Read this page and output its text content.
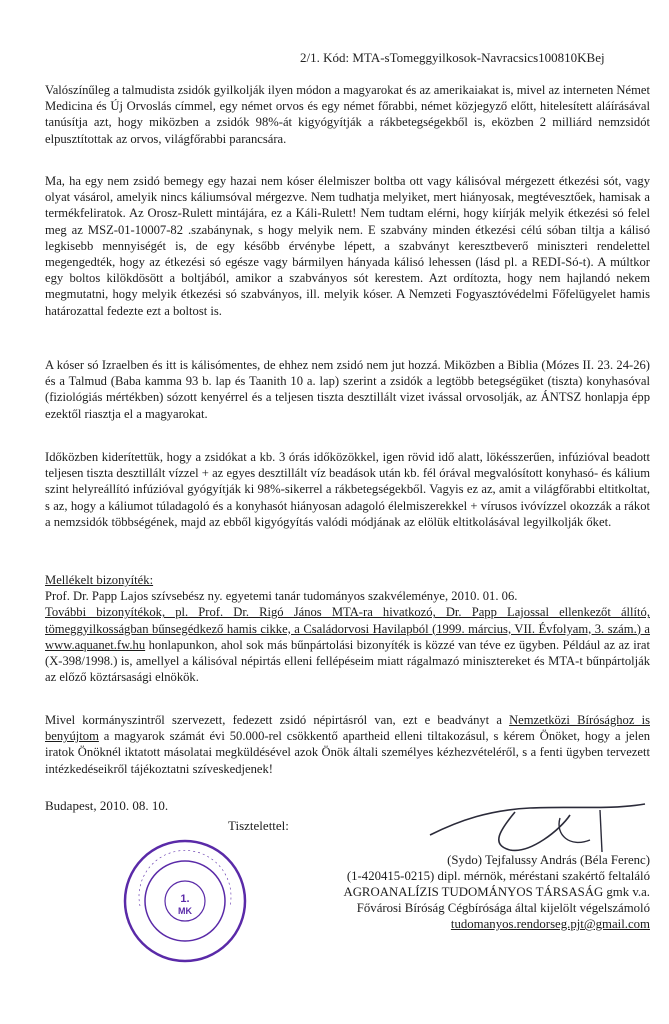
2/1. Kód: MTA-sTomeggyilkosok-Navracsics100810KBej

Valószínűleg a talmudista zsidók gyilkolják ilyen módon a magyarokat és az amerikaiakat is, mivel az interneten Német Medicina és Új Orvoslás címmel, egy német orvos és egy német főrabbi, német közjegyző előtt, hitelesített aláírásával tanúsítja azt, hogy miközben a zsidók 98%-át kigyógyítják a rákbetegségekből is, eközben 2 milliárd nemzsidót elpusztítottak az orvos, világfőrabbi parancsára.

Ma, ha egy nem zsidó bemegy egy hazai nem kóser élelmiszer boltba ott vagy kálisóval mérgezett étkezési sót, vagy olyat vásárol, amelyik nincs káliumsóval mérgezve. Nem tudhatja melyiket, mert hiányosak, megtévesztőek, hamisak a termékfeliratok. Az Orosz-Rulett mintájára, ez a Káli-Rulett! Nem tudtam elérni, hogy kiírják melyik étkezési só felel meg az MSZ-01-10007-82 .szabánynak, s hogy melyik nem. E szabvány minden étkezési célú sóban tiltja a kálisó legkisebb mennyiségét is, de egy később érvénybe lépett, a szabványt keresztbeverő miniszteri rendelettel megengedték, hogy az étkezési só egésze vagy bármilyen hányada kálisó lehessen (lásd pl. a REDI-Só-t). A múltkor egy boltos kilökdösött a boltjából, amikor a szabványos sót kerestem. Azt ordítozta, hogy nem hajlandó nekem megmutatni, hogy melyik étkezési só szabványos, ill. melyik kóser. A Nemzeti Fogyasztóvédelmi Főfelügyelet hamis határozattal fedezte ezt a boltost is.

A kóser só Izraelben és itt is kálisómentes, de ehhez nem zsidó nem jut hozzá. Miközben a Biblia (Mózes II. 23. 24-26) és a Talmud (Baba kamma 93 b. lap és Taanith 10 a. lap) szerint a zsidók a legtöbb betegségüket (tiszta) konyhasóval (fiziológiás mértékben) sózott kenyérrel és a teljesen tiszta desztillált vizet ivással orvosolják, az ÁNTSZ honlapja épp ezektől riasztja el a magyarokat.

Időközben kiderítettük, hogy a zsidókat a kb. 3 órás időközökkel, igen rövid idő alatt, lökésszerűen, infúzióval beadott teljesen tiszta desztillált vízzel + az egyes desztillált víz beadások után kb. fél órával megvalósított konyhasó- és kálium szint helyreállító infúzióval gyógyítják ki 98%-sikerrel a rákbetegségekből. Vagyis ez az, amit a világfőrabbi eltitkoltat, s az, hogy a káliumot túladagoló és a konyhasót hiányosan adagoló élelmiszerekkel + vírusos ivóvízzel okozzák a rákot a nemzsidók többségének, majd az ebből kigyógyítás valódi módjának az elölük eltitkolásával legyilkolják őket.

Mellékelt bizonyíték:

Prof. Dr. Papp Lajos szívsebész ny. egyetemi tanár tudományos szakvéleménye, 2010. 01. 06.

További bizonyítékok, pl. Prof. Dr. Rigó János MTA-ra hivatkozó, Dr. Papp Lajossal ellenkezőt állító, tömeggyilkosságban bűnsegédkező hamis cikke, a Családorvosi Havilapból (1999. március, VII. Évfolyam, 3. szám.) a www.aquanet.fw.hu honlapunkon, ahol sok más bűnpártolási bizonyíték is közzé van téve ez ügyben. Például az az irat (X-398/1998.) is, amellyel a kálisóval népirtás elleni fellépéseim miatt rágalmazó minisztereket és MTA-t bűnpártolják az előző köztársasági elnökök.

Mivel kormányszintről szervezett, fedezett zsidó népirtásról van, ezt e beadványt a Nemzetközi Bírósághoz is benyújtom a magyarok számát évi 50.000-rel csökkentő apartheid elleni tiltakozásul, s kérem Önöket, hogy a jelen iratok Önöknél iktatott másolatai megküldésével azok Önök általi személyes kézhezvételéről, s a fenti ügyben tervezett intézkedéseikről tájékoztatni szíveskedjenek!

Budapest, 2010. 08. 10.
Tisztelettel:
1.
MK
(Sydo) Tejfalussy András (Béla Ferenc)
(1-420415-0215) dipl. mérnök, méréstani szakértő feltaláló
AGROANALÍZIS TUDOMÁNYOS TÁRSASÁG gmk v.a.
Fővárosi Bíróság Cégbírósága által kijelölt végelszámoló
tudomanyos.rendorseg.pjt@gmail.com
